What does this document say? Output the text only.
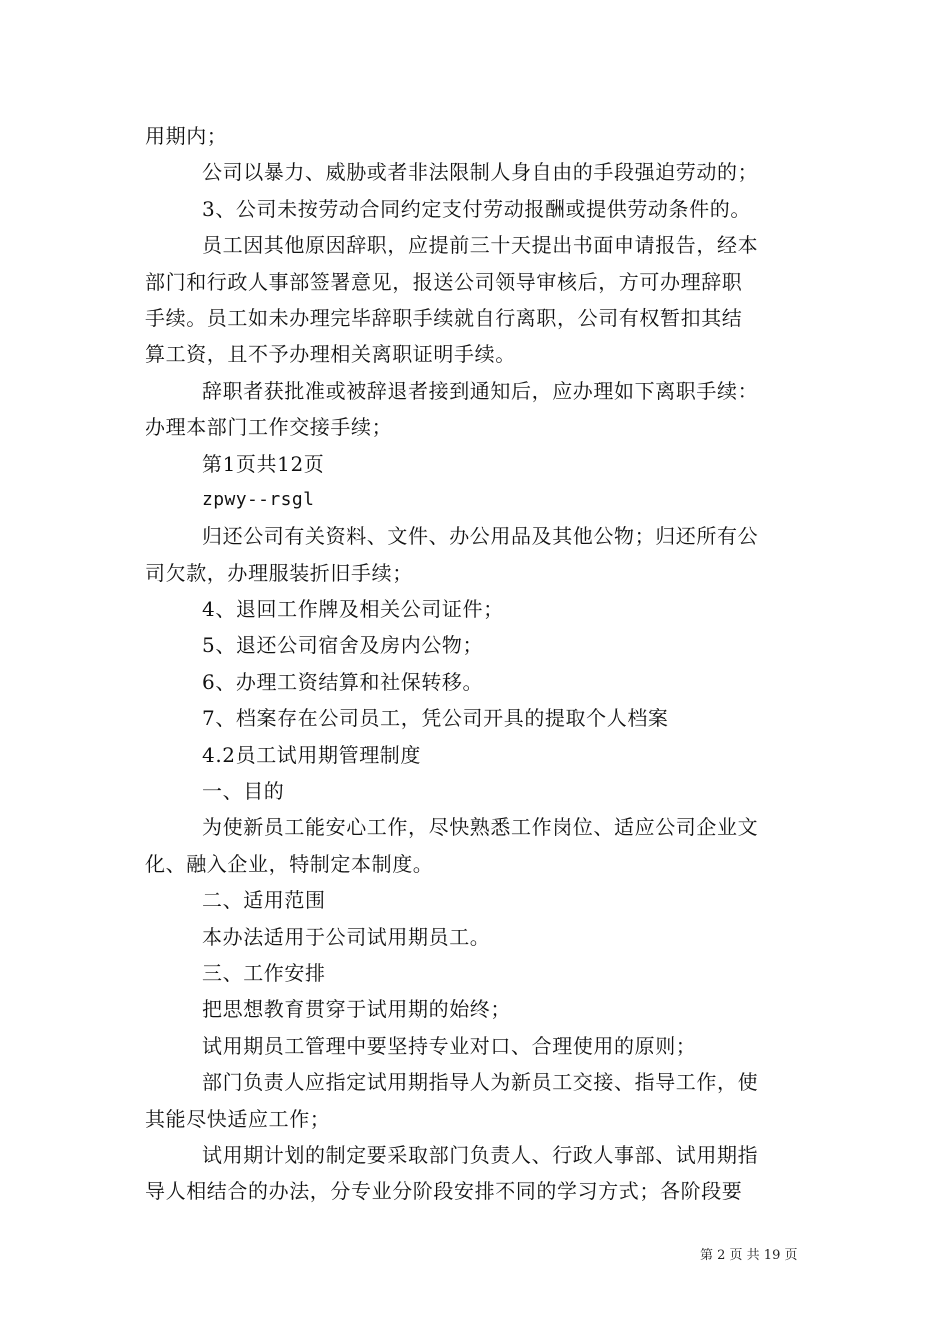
用期内；
公司以暴力、威胁或者非法限制人身自由的手段强迫劳动的；
3、公司未按劳动合同约定支付劳动报酬或提供劳动条件的。
员工因其他原因辞职，应提前三十天提出书面申请报告，经本
部门和行政人事部签署意见，报送公司领导审核后，方可办理辞职
手续。员工如未办理完毕辞职手续就自行离职，公司有权暂扣其结
算工资，且不予办理相关离职证明手续。
辞职者获批准或被辞退者接到通知后，应办理如下离职手续：
办理本部门工作交接手续；
第1页共12页
zpwy--rsgl
归还公司有关资料、文件、办公用品及其他公物；归还所有公
司欠款，办理服装折旧手续；
4、退回工作牌及相关公司证件；
5、退还公司宿舍及房内公物；
6、办理工资结算和社保转移。
7、档案存在公司员工，凭公司开具的提取个人档案
4.2员工试用期管理制度
一、目的
为使新员工能安心工作，尽快熟悉工作岗位、适应公司企业文
化、融入企业，特制定本制度。
二、适用范围
本办法适用于公司试用期员工。
三、工作安排
把思想教育贯穿于试用期的始终；
试用期员工管理中要坚持专业对口、合理使用的原则；
部门负责人应指定试用期指导人为新员工交接、指导工作，使
其能尽快适应工作；
试用期计划的制定要采取部门负责人、行政人事部、试用期指
导人相结合的办法，分专业分阶段安排不同的学习方式；各阶段要
第 2 页 共 19 页
